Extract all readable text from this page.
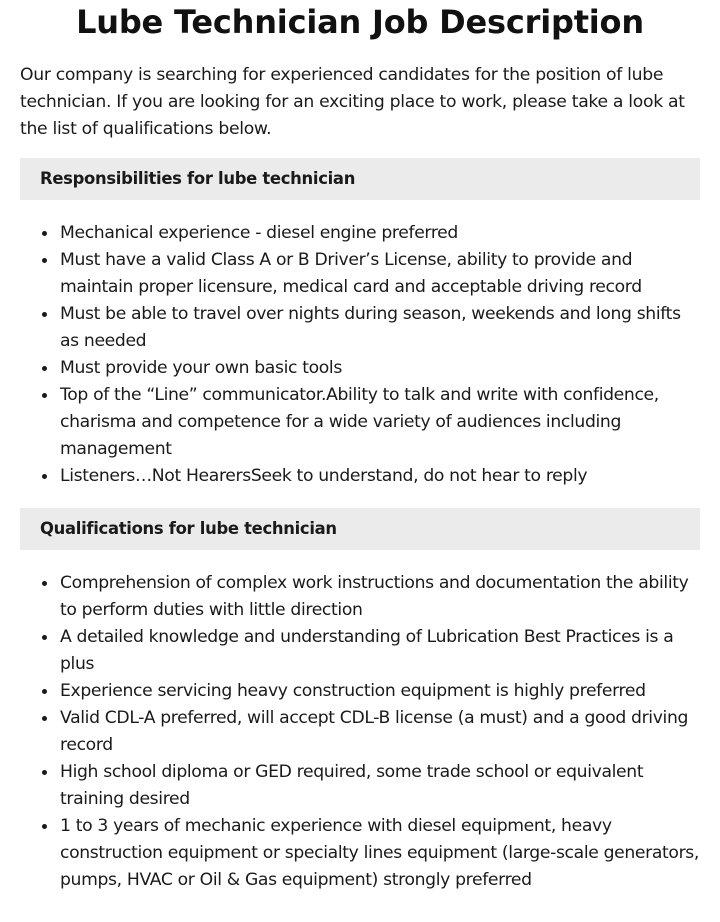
Lube Technician Job Description

Our company is searching for experienced candidates for the position of lube technician. If you are looking for an exciting place to work, please take a look at the list of qualifications below.

Responsibilities for lube technician
Mechanical experience - diesel engine preferred
Must have a valid Class A or B Driver’s License, ability to provide and maintain proper licensure, medical card and acceptable driving record
Must be able to travel over nights during season, weekends and long shifts as needed
Must provide your own basic tools
Top of the “Line” communicator.Ability to talk and write with confidence, charisma and competence for a wide variety of audiences including management
Listeners…Not HearersSeek to understand, do not hear to reply
Qualifications for lube technician
Comprehension of complex work instructions and documentation the ability to perform duties with little direction
A detailed knowledge and understanding of Lubrication Best Practices is a plus
Experience servicing heavy construction equipment is highly preferred
Valid CDL-A preferred, will accept CDL-B license (a must) and a good driving record
High school diploma or GED required, some trade school or equivalent training desired
1 to 3 years of mechanic experience with diesel equipment, heavy construction equipment or specialty lines equipment (large-scale generators, pumps, HVAC or Oil & Gas equipment) strongly preferred
